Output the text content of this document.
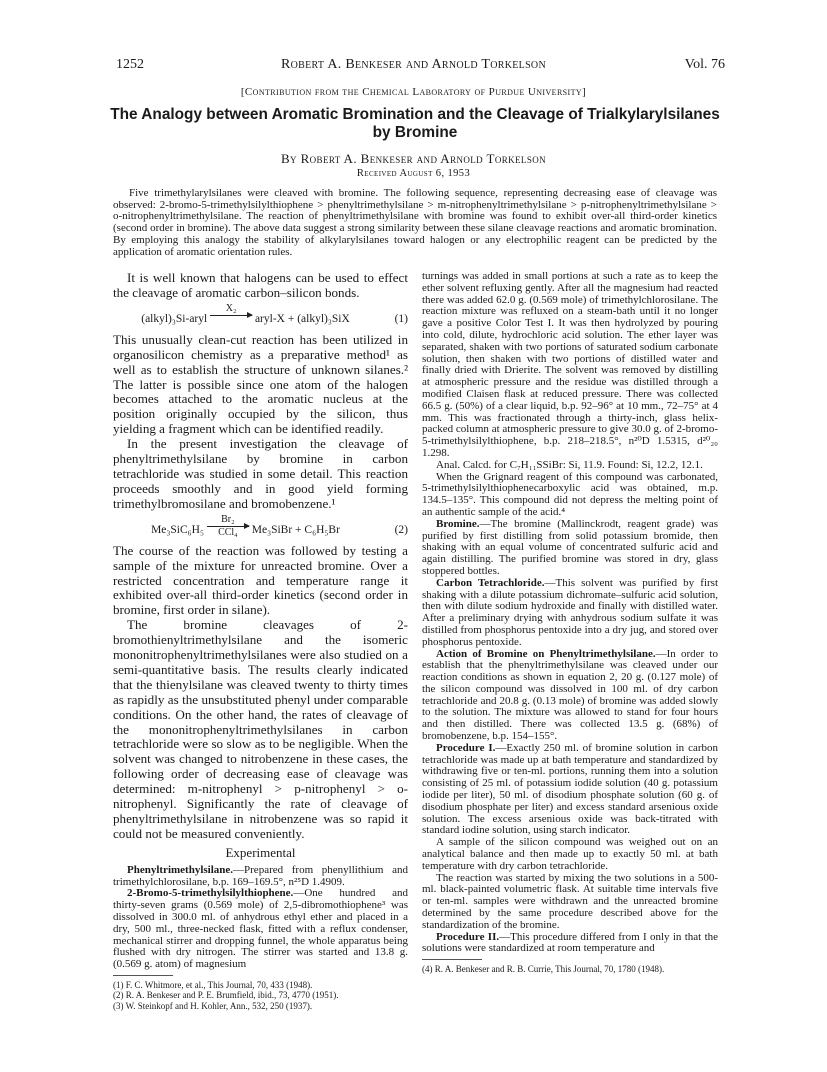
1252	Robert A. Benkeser and Arnold Torkelson	Vol. 76
[Contribution from the Chemical Laboratory of Purdue University]
The Analogy between Aromatic Bromination and the Cleavage of Trialkylarylsilanes by Bromine
By Robert A. Benkeser and Arnold Torkelson
Received August 6, 1953
Five trimethylarylsilanes were cleaved with bromine. The following sequence, representing decreasing ease of cleavage was observed: 2-bromo-5-trimethylsilylthiophene > phenyltrimethylsilane > m-nitrophenyltrimethylsilane > p-nitrophenyltrimethylsilane > o-nitrophenyltrimethylsilane. The reaction of phenyltrimethylsilane with bromine was found to exhibit over-all third-order kinetics (second order in bromine). The above data suggest a strong similarity between these silane cleavage reactions and aromatic bromination. By employing this analogy the stability of alkylarylsilanes toward halogen or any electrophilic reagent can be predicted by the application of aromatic orientation rules.

It is well known that halogens can be used to effect the cleavage of aromatic carbon–silicon bonds.

(alkyl)₃Si-aryl
X₂

aryl-X + (alkyl)₃SiX	(1)

This unusually clean-cut reaction has been utilized in organosilicon chemistry as a preparative method¹ as well as to establish the structure of unknown silanes.² The latter is possible since one atom of the halogen becomes attached to the aromatic nucleus at the position originally occupied by the silicon, thus yielding a fragment which can be identified readily.

In the present investigation the cleavage of phenyltrimethylsilane by bromine in carbon tetrachloride was studied in some detail. This reaction proceeds smoothly and in good yield forming trimethylbromosilane and bromobenzene.¹

Me₃SiC₆H₅
Br₂
CCl₄	Me₃SiBr + C₆H₅Br	(2)

The course of the reaction was followed by testing a sample of the mixture for unreacted bromine. Over a restricted concentration and temperature range it exhibited over-all third-order kinetics (second order in bromine, first order in silane).

The bromine cleavages of 2-bromothienyltrimethylsilane and the isomeric mononitrophenyltrimethylsilanes were also studied on a semi-quantitative basis. The results clearly indicated that the thienylsilane was cleaved twenty to thirty times as rapidly as the unsubstituted phenyl under comparable conditions. On the other hand, the rates of cleavage of the mononitrophenyltrimethylsilanes in carbon tetrachloride were so slow as to be negligible. When the solvent was changed to nitrobenzene in these cases, the following order of decreasing ease of cleavage was determined: m-nitrophenyl > p-nitrophenyl > o-nitrophenyl. Significantly the rate of cleavage of phenyltrimethylsilane in nitrobenzene was so rapid it could not be measured conveniently.

Experimental

Phenyltrimethylsilane.—Prepared from phenyllithium and trimethylchlorosilane, b.p. 169–169.5°, n²⁵D 1.4909.

2-Bromo-5-trimethylsilylthiophene.—One hundred and thirty-seven grams (0.569 mole) of 2,5-dibromothiophene³ was dissolved in 300.0 ml. of anhydrous ethyl ether and placed in a dry, 500 ml., three-necked flask, fitted with a reflux condenser, mechanical stirrer and dropping funnel, the whole apparatus being flushed with dry nitrogen. The stirrer was started and 13.8 g. (0.569 g. atom) of magnesium

(1) F. C. Whitmore, et al., This Journal, 70, 433 (1948).
(2) R. A. Benkeser and P. E. Brumfield, ibid., 73, 4770 (1951).
(3) W. Steinkopf and H. Kohler, Ann., 532, 250 (1937).

turnings was added in small portions at such a rate as to keep the ether solvent refluxing gently. After all the magnesium had reacted there was added 62.0 g. (0.569 mole) of trimethylchlorosilane. The reaction mixture was refluxed on a steam-bath until it no longer gave a positive Color Test I. It was then hydrolyzed by pouring into cold, dilute, hydrochloric acid solution. The ether layer was separated, shaken with two portions of saturated sodium carbonate solution, then shaken with two portions of distilled water and finally dried with Drierite. The solvent was removed by distilling at atmospheric pressure and the residue was distilled through a modified Claisen flask at reduced pressure. There was collected 66.5 g. (50%) of a clear liquid, b.p. 92–96° at 10 mm., 72–75° at 4 mm. This was fractionated through a thirty-inch, glass helix-packed column at atmospheric pressure to give 30.0 g. of 2-bromo-5-trimethylsilylthiophene, b.p. 218–218.5°, n²⁰D 1.5315, d²⁰₂₀ 1.298.

Anal. Calcd. for C₇H₁₁SSiBr: Si, 11.9. Found: Si, 12.2, 12.1.

When the Grignard reagent of this compound was carbonated, 5-trimethylsilylthiophenecarboxylic acid was obtained, m.p. 134.5–135°. This compound did not depress the melting point of an authentic sample of the acid.⁴

Bromine.—The bromine (Mallinckrodt, reagent grade) was purified by first distilling from solid potassium bromide, then shaking with an equal volume of concentrated sulfuric acid and again distilling. The purified bromine was stored in dry, glass stoppered bottles.

Carbon Tetrachloride.—This solvent was purified by first shaking with a dilute potassium dichromate–sulfuric acid solution, then with dilute sodium hydroxide and finally with distilled water. After a preliminary drying with anhydrous sodium sulfate it was distilled from phosphorus pentoxide into a dry jug, and stored over phosphorus pentoxide.

Action of Bromine on Phenyltrimethylsilane.—In order to establish that the phenyltrimethylsilane was cleaved under our reaction conditions as shown in equation 2, 20 g. (0.127 mole) of the silicon compound was dissolved in 100 ml. of dry carbon tetrachloride and 20.8 g. (0.13 mole) of bromine was added slowly to the solution. The mixture was allowed to stand for four hours and then distilled. There was collected 13.5 g. (68%) of bromobenzene, b.p. 154–155°.

Procedure I.—Exactly 250 ml. of bromine solution in carbon tetrachloride was made up at bath temperature and standardized by withdrawing five or ten-ml. portions, running them into a solution consisting of 25 ml. of potassium iodide solution (40 g. potassium iodide per liter), 50 ml. of disodium phosphate solution (60 g. of disodium phosphate per liter) and excess standard arsenious oxide solution. The excess arsenious oxide was back-titrated with standard iodine solution, using starch indicator.

A sample of the silicon compound was weighed out on an analytical balance and then made up to exactly 50 ml. at bath temperature with dry carbon tetrachloride.

The reaction was started by mixing the two solutions in a 500-ml. black-painted volumetric flask. At suitable time intervals five or ten-ml. samples were withdrawn and the unreacted bromine determined by the same procedure described above for the standardization of the bromine.

Procedure II.—This procedure differed from I only in that the solutions were standardized at room temperature and

(4) R. A. Benkeser and R. B. Currie, This Journal, 70, 1780 (1948).
